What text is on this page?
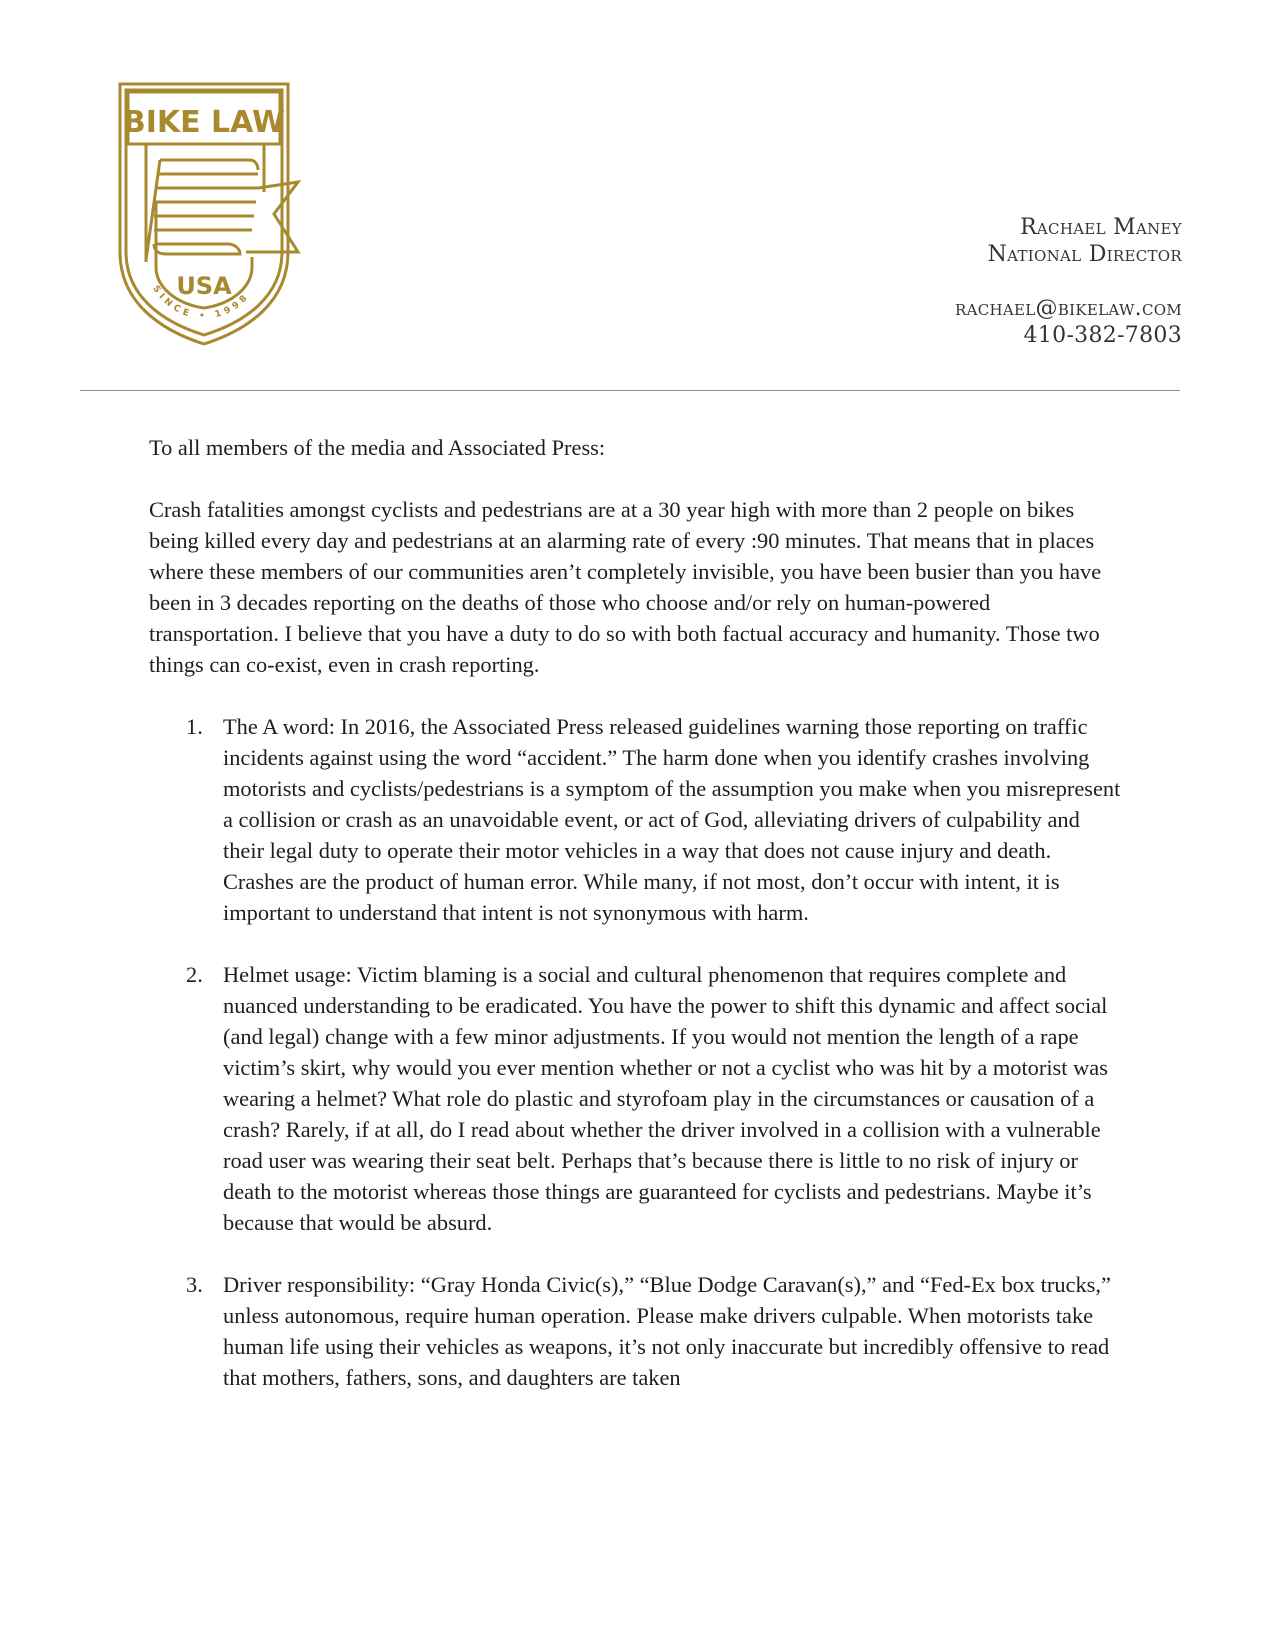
BIKE LAW
USA
SINCE • 1998
Rachael Maney
National Director
rachael@bikelaw.com
410-382-7803

To all members of the media and Associated Press:

Crash fatalities amongst cyclists and pedestrians are at a 30 year high with more than 2 people on bikes being killed every day and pedestrians at an alarming rate of every :90 minutes. That means that in places where these members of our communities aren’t completely invisible, you have been busier than you have been in 3 decades reporting on the deaths of those who choose and/or rely on human-powered transportation. I believe that you have a duty to do so with both factual accuracy and humanity. Those two things can co-exist, even in crash reporting.

1. The A word: In 2016, the Associated Press released guidelines warning those reporting on traffic incidents against using the word “accident.” The harm done when you identify crashes involving motorists and cyclists/pedestrians is a symptom of the assumption you make when you misrepresent a collision or crash as an unavoidable event, or act of God, alleviating drivers of culpability and their legal duty to operate their motor vehicles in a way that does not cause injury and death. Crashes are the product of human error. While many, if not most, don’t occur with intent, it is important to understand that intent is not synonymous with harm.
2. Helmet usage: Victim blaming is a social and cultural phenomenon that requires complete and nuanced understanding to be eradicated. You have the power to shift this dynamic and affect social (and legal) change with a few minor adjustments. If you would not mention the length of a rape victim’s skirt, why would you ever mention whether or not a cyclist who was hit by a motorist was wearing a helmet? What role do plastic and styrofoam play in the circumstances or causation of a crash? Rarely, if at all, do I read about whether the driver involved in a collision with a vulnerable road user was wearing their seat belt. Perhaps that’s because there is little to no risk of injury or death to the motorist whereas those things are guaranteed for cyclists and pedestrians. Maybe it’s because that would be absurd.
3. Driver responsibility: “Gray Honda Civic(s),” “Blue Dodge Caravan(s),” and “Fed-Ex box trucks,” unless autonomous, require human operation. Please make drivers culpable. When motorists take human life using their vehicles as weapons, it’s not only inaccurate but incredibly offensive to read that mothers, fathers, sons, and daughters are taken
